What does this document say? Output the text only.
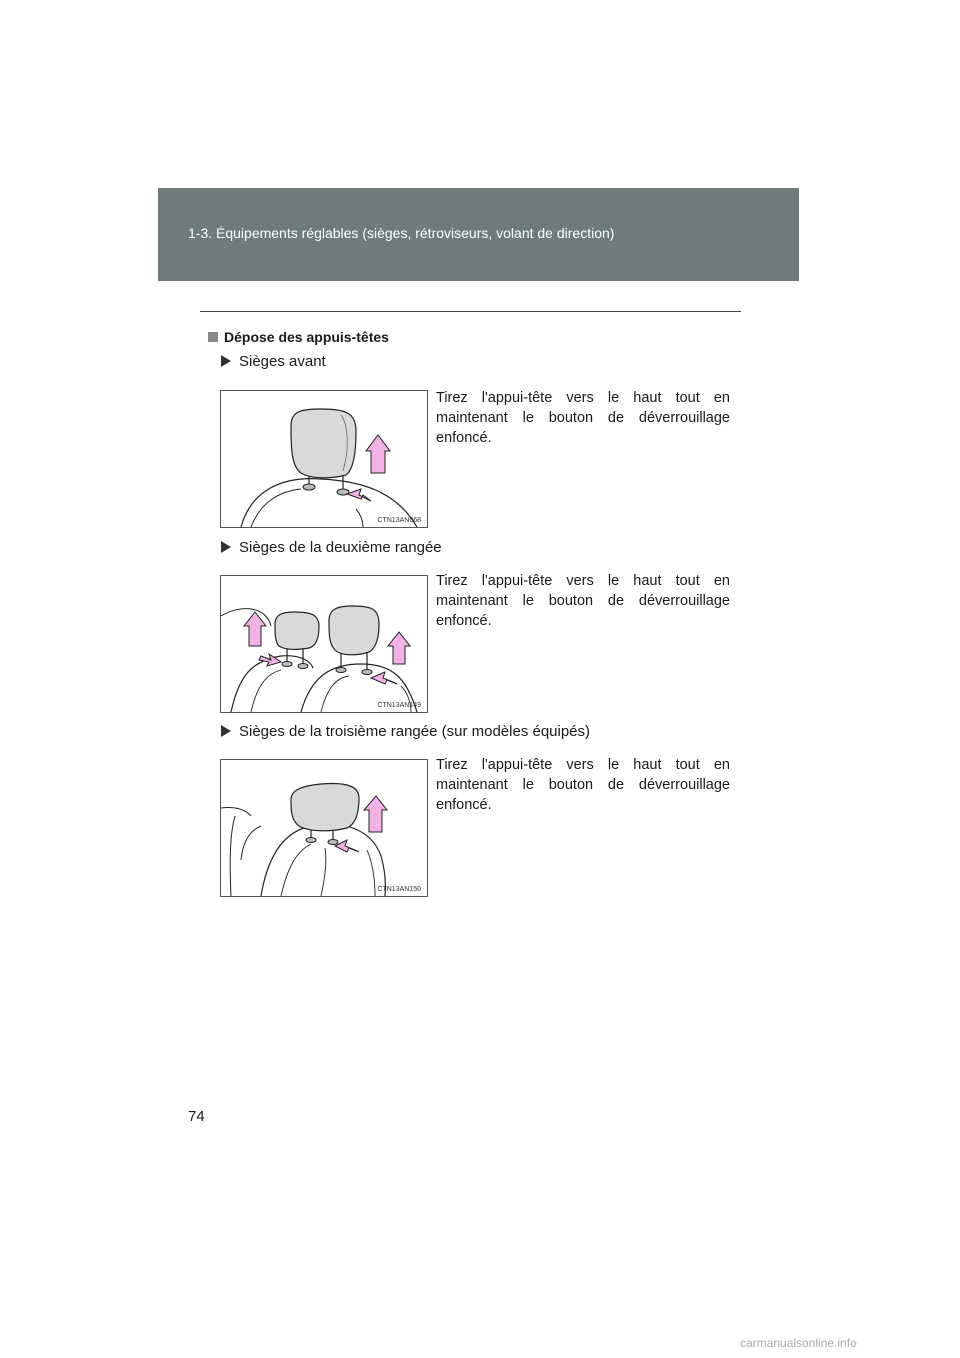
1-3. Équipements réglables (sièges, rétroviseurs, volant de direction)
Dépose des appuis-têtes
Sièges avant
CTN13AN068
Tirez l'appui-tête vers le haut tout en maintenant le bouton de déverrouillage enfoncé.
Sièges de la deuxième rangée
CTN13AN149
Tirez l'appui-tête vers le haut tout en maintenant le bouton de déverrouillage enfoncé.
Sièges de la troisième rangée (sur modèles équipés)
CTN13AN150
Tirez l'appui-tête vers le haut tout en maintenant le bouton de déverrouillage enfoncé.
74
carmanualsonline.info
